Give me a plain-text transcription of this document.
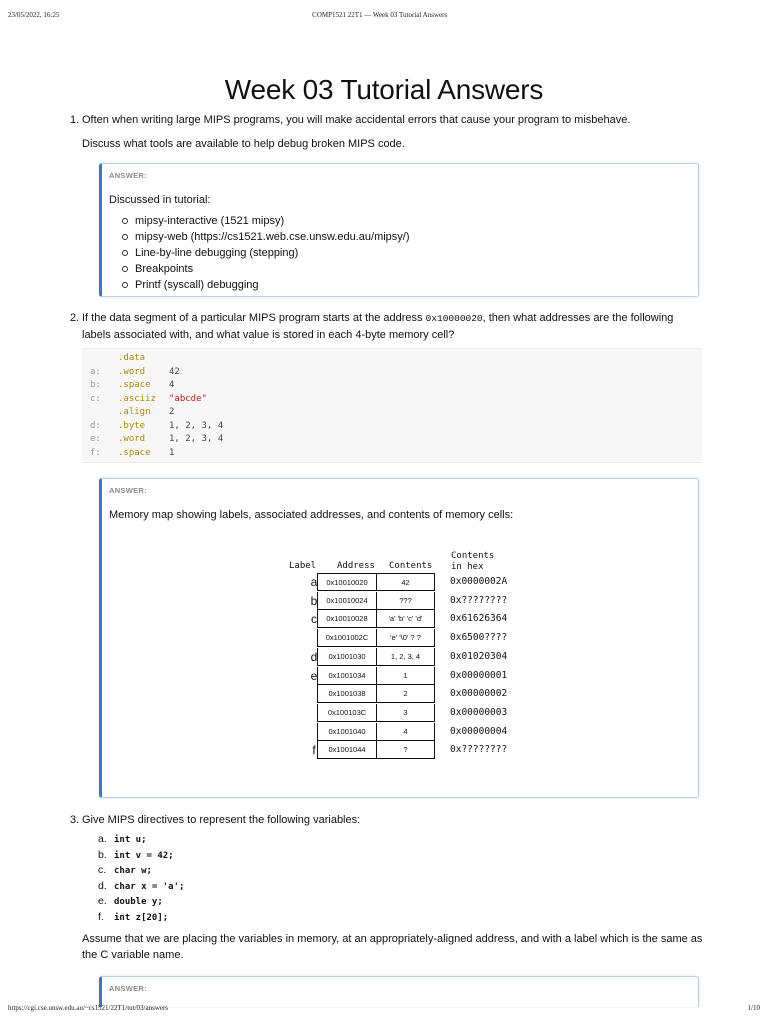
23/05/2022, 16:25	COMP1521 22T1 — Week 03 Tutorial Answers
Week 03 Tutorial Answers
1. Often when writing large MIPS programs, you will make accidental errors that cause your program to misbehave.

Discuss what tools are available to help debug broken MIPS code.

ANSWER:
Discussed in tutorial:
mipsy-interactive (1521 mipsy)
mipsy-web (https://cs1521.web.cse.unsw.edu.au/mipsy/)
Line-by-line debugging (stepping)
Breakpoints
Printf (syscall) debugging
2. If the data segment of a particular MIPS program starts at the address 0x10000020, then what addresses are the following
labels associated with, and what value is stored in each 4-byte memory cell?

.data
a: .word	42
b: .space 4
c: .asciiz "abcde"
.align 2
d: .byte	1, 2, 3, 4
e: .word	1, 2, 3, 4
f: .space 1
ANSWER:
Memory map showing labels, associated addresses, and contents of memory cells:
Label Address Contents
Contents
in hex
a	0x10010020	42	0x0000002A
b	0x10010024	???	0x????????
c	0x10010028	'a' 'b' 'c' 'd'	0x61626364
0x1001002C	'e' '\0' ? ?	0x6500????
d	0x1001030	1, 2, 3, 4	0x01020304
e	0x1001034	1	0x00000001
0x1001038	2	0x00000002
0x100103C	3	0x00000003
0x1001040	4	0x00000004
f	0x1001044	?	0x????????
3. Give MIPS directives to represent the following variables:

a. int u;
b. int v = 42;
c. char w;
d. char x = 'a';
e. double y;
f. int z[20];

Assume that we are placing the variables in memory, at an appropriately-aligned address, and with a label which is the same as
the C variable name.

ANSWER:
https://cgi.cse.unsw.edu.au/~cs1521/22T1/tut/03/answers	1/10
